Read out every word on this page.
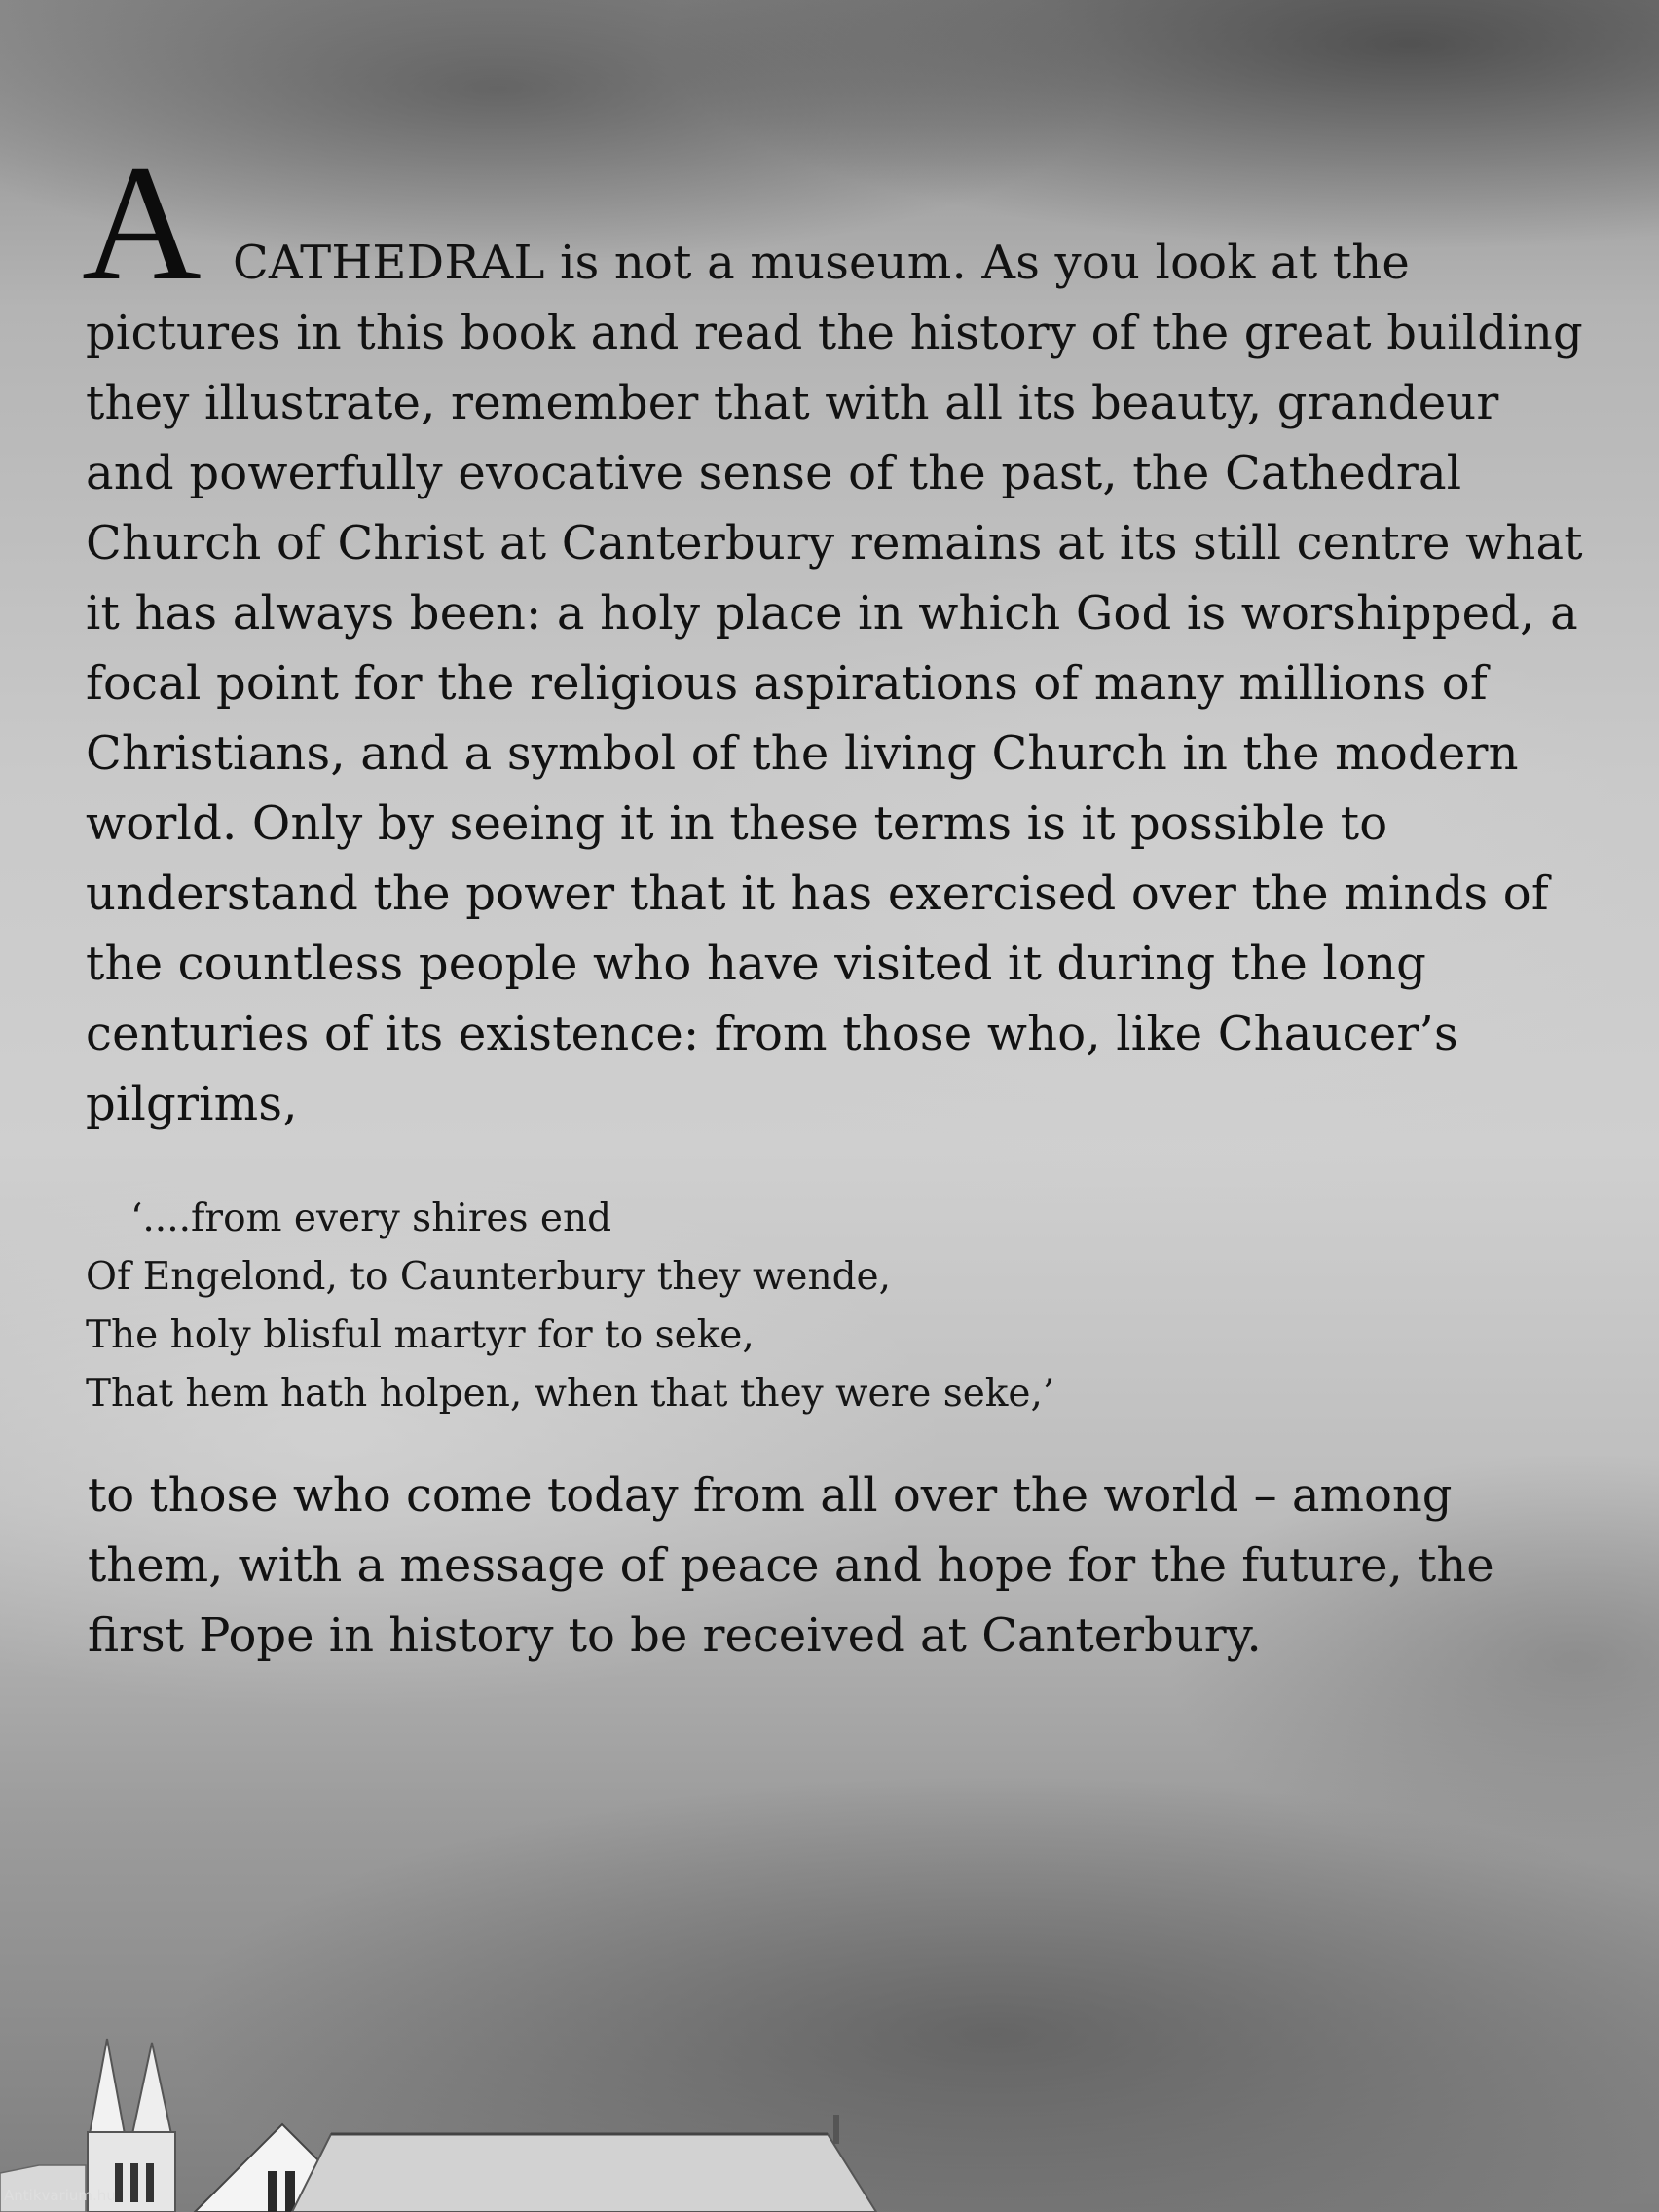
A CATHEDRAL is not a museum. As you look at the pictures in this book and read the history of the great building they illustrate, remember that with all its beauty, grandeur and powerfully evocative sense of the past, the Cathedral Church of Christ at Canterbury remains at its still centre what it has always been: a holy place in which God is worshipped, a focal point for the religious aspirations of many millions of Christians, and a symbol of the living Church in the modern world. Only by seeing it in these terms is it possible to understand the power that it has exercised over the minds of the countless people who have visited it during the long centuries of its existence: from those who, like Chaucer’s pilgrims,

‘....from every shires end
Of Engelond, to Caunterbury they wende,
The holy blisful martyr for to seke,
That hem hath holpen, when that they were seke,’

to those who come today from all over the world – among them, with a message of peace and hope for the future, the first Pope in history to be received at Canterbury.

Antikvarium.hu
